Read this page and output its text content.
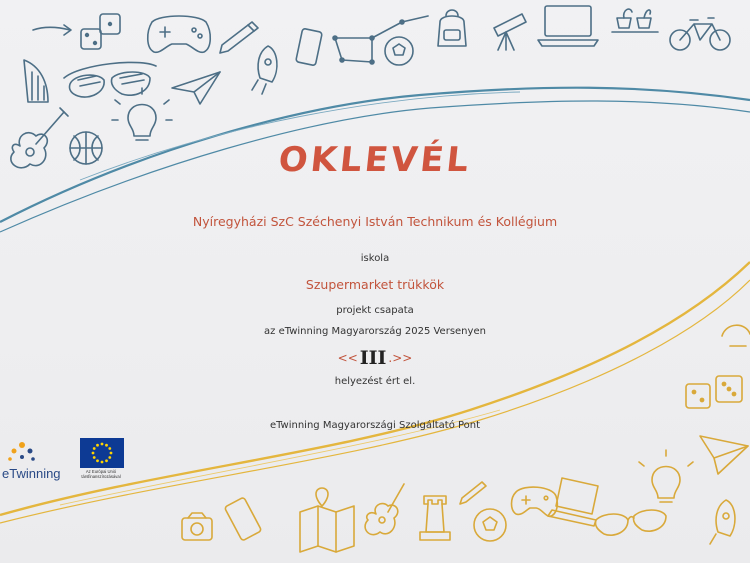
OKLEVÉL
Nyíregyházi SzC Széchenyi István Technikum és Kollégium
iskola
Szupermarket trükkök
projekt csapata
az eTwinning Magyarország 2025 Versenyen
<< III .>>
helyezést ért el.
eTwinning Magyarországi Szolgáltató Pont
eTwinning	Az Európai Unió
társfinanszírozásával
